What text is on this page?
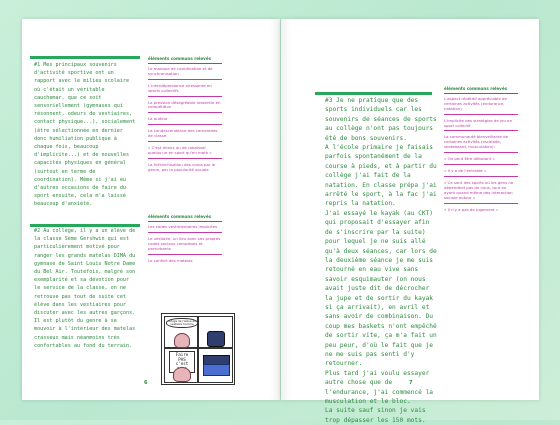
#1 Mes principaux souvenirs d'activité sportive ont un rapport avec le milieu scolaire où c'était un véritable cauchemar, que ce soit sensoriellement (gymnases qui résonnent, odeurs de vestiaires, contact physique...), socialement (être sélectionnée en dernier donc humiliation publique à chaque fois, beaucoup d'implicite...) et de nouvelles capacités physiques en général (surtout en terme de coordination). Même si j'ai eu d'autres occasions de faire du sport ensuite, cela m'a laissé beaucoup d'anxiété.

éléments communs relevés
Le manque de coordination et de synchronisation
L'interdépendance stressante en sports collectifs
La pression désagréable ressentie en compétition
La pudeur
La condescendance des camarades de classe
« C'est mieux ou de rabaisser quelqu'un en sport qu'en math »
La hiérarchisation des corps par le genre, par la popularité sociale

#2 Au collège, il y a un élève de la classe Sème Gershwin qui est particulièrement motivé pour ranger les grands matelas DIMA du gymnase de Saint Louis Notre Dame du Bel Air. Toutefois, malgré son exemplarité et sa dévotion pour le service de la classe, on ne retrouve pas tout de suite cet élève dans les vestiaires pour discuter avec les autres garçons. Il est plutôt du genre à se mouvoir à l'intérieur des matelas crasseux mais néanmoins très confortables au fond du terrain.

éléments communs relevés
Les codes vestimentaires implicites
Le vestiaire, un lieu avec ses propres codes sociaux complexes et perturbants
Le confort des matelas
refuge de l'élève au vestiaire homme
Faire PAS c'est
6

#3 Je ne pratique que des sports individuels car les souvenirs de séances de sports au collège n'ont pas toujours été de bons souvenirs.
A l'école primaire je faisais parfois spontanément de la course à pieds, et à partir du collège j'ai fait de la natation. En classe prépa j'ai arrêté le sport, à la fac j'ai repris la natation.
J'ai essayé le kayak (au CKT) qui proposait d'essayer afin de s'inscrire par la suite) pour lequel je ne suis allé qu'à deux séances, car lors de la deuxième séance je me suis retourné en eau vive sans savoir esquimauter (on nous avait juste dit de décrocher la jupe et de sortir du kayak si ça arrivait), en avril et sans avoir de combinaison. Du coup mes baskets n'ont empêché de sortir vite, ça m'a fait un peu peur, d'où le fait que je ne me suis pas senti d'y retourner.
Plus tard j'ai voulu essayer autre chose que de l'endurance, j'ai commencé la musculation et le bloc.
La suite sauf sinon je vais trop dépasser les 150 mots.

éléments communs relevés
L'aspect répétitif appréciable de certaines activités (endurance, natation)
L'implicite des stratégies de jeu en sport collectif
La communauté bienveillante de certaines activités (escalade, skateboard, musculation):
« On peut être débutant »
« Il y a de l'entraide »
« Ce sont des sports où les gens ne dépendent pas de nous, tout en ayant quand même des interaction sociale autour »
« Il n'y a pas de jugement »
7
